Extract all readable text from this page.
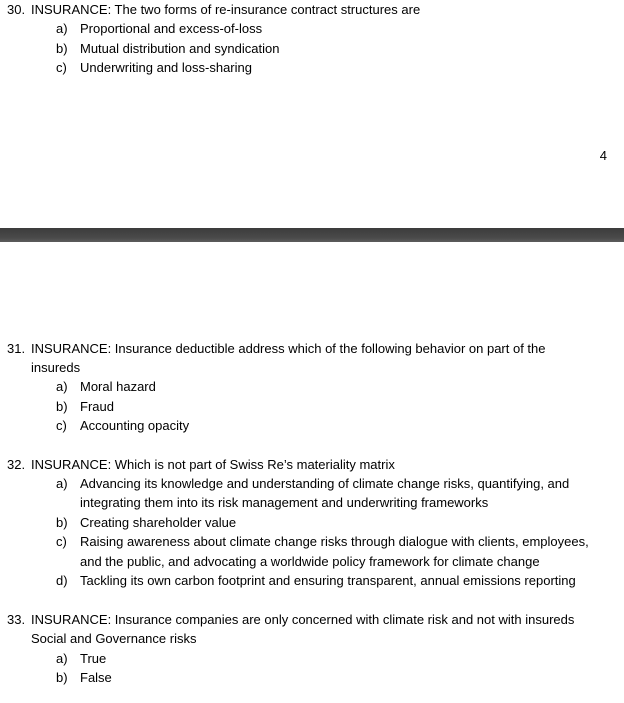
30. INSURANCE: The two forms of re-insurance contract structures are
a) Proportional and excess-of-loss
b) Mutual distribution and syndication
c) Underwriting and loss-sharing
4
31. INSURANCE: Insurance deductible address which of the following behavior on part of the
insureds
a) Moral hazard
b) Fraud
c) Accounting opacity
32. INSURANCE: Which is not part of Swiss Re’s materiality matrix
a) Advancing its knowledge and understanding of climate change risks, quantifying, and
integrating them into its risk management and underwriting frameworks
b) Creating shareholder value
c) Raising awareness about climate change risks through dialogue with clients, employees,
and the public, and advocating a worldwide policy framework for climate change
d) Tackling its own carbon footprint and ensuring transparent, annual emissions reporting
33. INSURANCE: Insurance companies are only concerned with climate risk and not with insureds
Social and Governance risks
a) True
b) False
